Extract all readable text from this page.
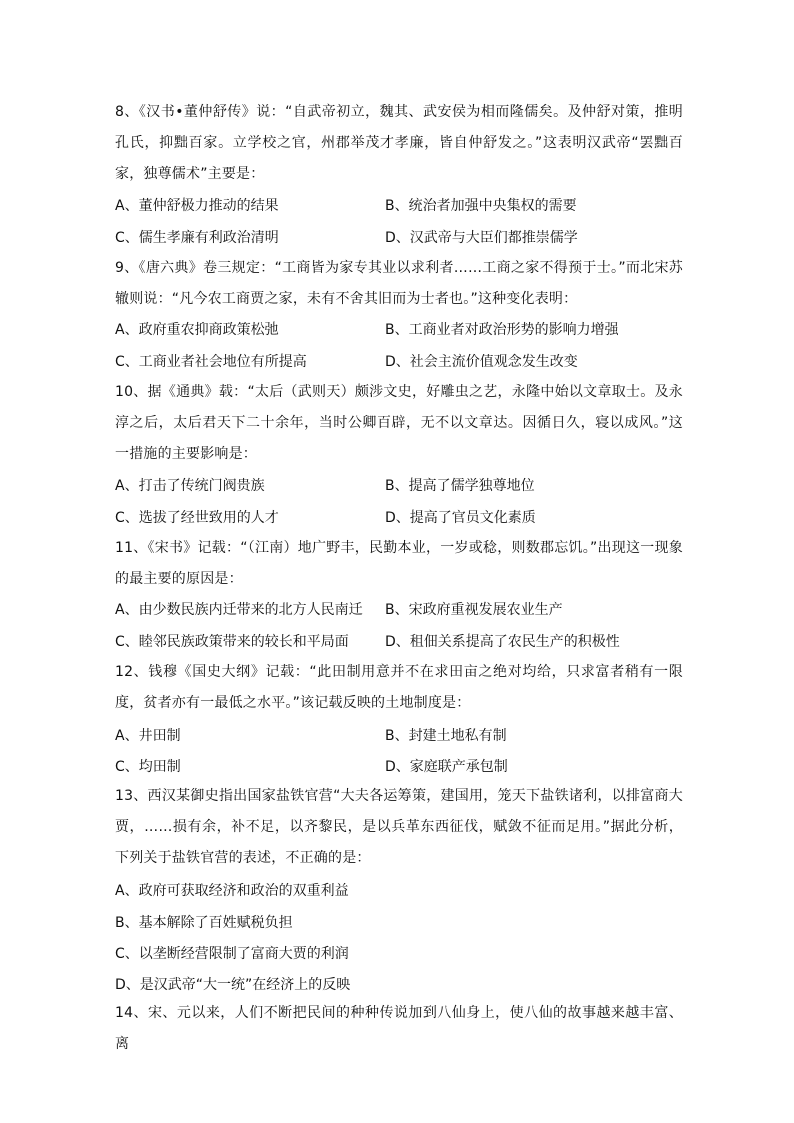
8、《汉书•董仲舒传》说：“自武帝初立，魏其、武安侯为相而隆儒矣。及仲舒对策，推明孔氏，抑黜百家。立学校之官，州郡举茂才孝廉，皆自仲舒发之。”这表明汉武帝“罢黜百家，独尊儒术”主要是：

A、董仲舒极力推动的结果	B、统治者加强中央集权的需要

C、儒生孝廉有利政治清明	D、汉武帝与大臣们都推崇儒学

9、《唐六典》卷三规定：“工商皆为家专其业以求利者……工商之家不得预于士。”而北宋苏辙则说：“凡今农工商贾之家，未有不舍其旧而为士者也。”这种变化表明：

A、政府重农抑商政策松弛	B、工商业者对政治形势的影响力增强

C、工商业者社会地位有所提高	D、社会主流价值观念发生改变

10、据《通典》载：“太后（武则天）颇涉文史，好雕虫之艺，永隆中始以文章取士。及永淳之后，太后君天下二十余年，当时公卿百辟，无不以文章达。因循日久，寝以成风。”这一措施的主要影响是：

A、打击了传统门阀贵族	B、提高了儒学独尊地位

C、选拔了经世致用的人才	D、提高了官员文化素质

11、《宋书》记载：“（江南）地广野丰，民勤本业，一岁或稔，则数郡忘饥。”出现这一现象的最主要的原因是：

A、由少数民族内迁带来的北方人民南迁 B、宋政府重视发展农业生产

C、睦邻民族政策带来的较长和平局面	D、租佃关系提高了农民生产的积极性

12、钱穆《国史大纲》记载：“此田制用意并不在求田亩之绝对均给，只求富者稍有一限度，贫者亦有一最低之水平。”该记载反映的土地制度是：

A、井田制	B、封建土地私有制

C、均田制	D、家庭联产承包制

13、西汉某御史指出国家盐铁官营“大夫各运筹策，建国用，笼天下盐铁诸利，以排富商大贾，……损有余，补不足，以齐黎民，是以兵革东西征伐，赋敛不征而足用。”据此分析，下列关于盐铁官营的表述，不正确的是：

A、政府可获取经济和政治的双重利益

B、基本解除了百姓赋税负担

C、以垄断经营限制了富商大贾的利润

D、是汉武帝“大一统”在经济上的反映

14、宋、元以来，人们不断把民间的种种传说加到八仙身上，使八仙的故事越来越丰富、离
